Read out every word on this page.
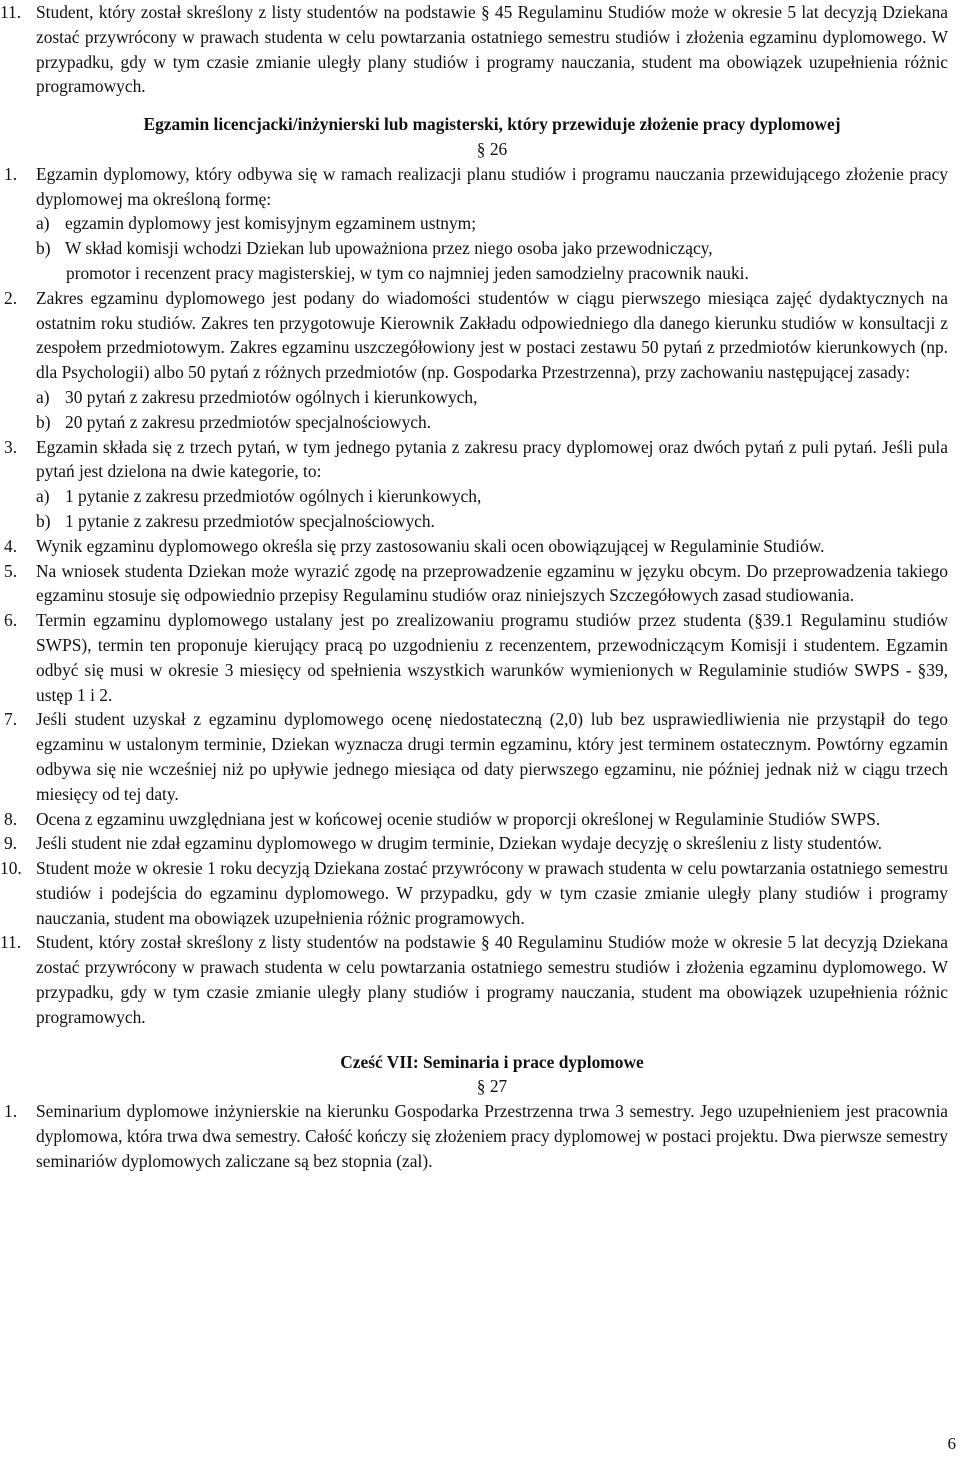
11. Student, który został skreślony z listy studentów na podstawie § 45 Regulaminu Studiów może w okresie 5 lat decyzją Dziekana zostać przywrócony w prawach studenta w celu powtarzania ostatniego semestru studiów i złożenia egzaminu dyplomowego. W przypadku, gdy w tym czasie zmianie uległy plany studiów i programy nauczania, student ma obowiązek uzupełnienia różnic programowych.
Egzamin licencjacki/inżynierski lub magisterski, który przewiduje złożenie pracy dyplomowej
§ 26
1. Egzamin dyplomowy, który odbywa się w ramach realizacji planu studiów i programu nauczania przewidującego złożenie pracy dyplomowej ma określoną formę:
a) egzamin dyplomowy jest komisyjnym egzaminem ustnym;
b) W skład komisji wchodzi Dziekan lub upoważniona przez niego osoba jako przewodniczący,
promotor i recenzent pracy magisterskiej, w tym co najmniej jeden samodzielny pracownik nauki.
2. Zakres egzaminu dyplomowego jest podany do wiadomości studentów w ciągu pierwszego miesiąca zajęć dydaktycznych na ostatnim roku studiów. Zakres ten przygotowuje Kierownik Zakładu odpowiedniego dla danego kierunku studiów w konsultacji z zespołem przedmiotowym. Zakres egzaminu uszczegółowiony jest w postaci zestawu 50 pytań z przedmiotów kierunkowych (np. dla Psychologii) albo 50 pytań z różnych przedmiotów (np. Gospodarka Przestrzenna), przy zachowaniu następującej zasady:
a) 30 pytań z zakresu przedmiotów ogólnych i kierunkowych,
b) 20 pytań z zakresu przedmiotów specjalnościowych.
3. Egzamin składa się z trzech pytań, w tym jednego pytania z zakresu pracy dyplomowej oraz dwóch pytań z puli pytań. Jeśli pula pytań jest dzielona na dwie kategorie, to:
a) 1 pytanie z zakresu przedmiotów ogólnych i kierunkowych,
b) 1 pytanie z zakresu przedmiotów specjalnościowych.
4. Wynik egzaminu dyplomowego określa się przy zastosowaniu skali ocen obowiązującej w Regulaminie Studiów.
5. Na wniosek studenta Dziekan może wyrazić zgodę na przeprowadzenie egzaminu w języku obcym. Do przeprowadzenia takiego egzaminu stosuje się odpowiednio przepisy Regulaminu studiów oraz niniejszych Szczegółowych zasad studiowania.
6. Termin egzaminu dyplomowego ustalany jest po zrealizowaniu programu studiów przez studenta (§39.1 Regulaminu studiów SWPS), termin ten proponuje kierujący pracą po uzgodnieniu z recenzentem, przewodniczącym Komisji i studentem. Egzamin odbyć się musi w okresie 3 miesięcy od spełnienia wszystkich warunków wymienionych w Regulaminie studiów SWPS - §39, ustęp 1 i 2.
7. Jeśli student uzyskał z egzaminu dyplomowego ocenę niedostateczną (2,0) lub bez usprawiedliwienia nie przystąpił do tego egzaminu w ustalonym terminie, Dziekan wyznacza drugi termin egzaminu, który jest terminem ostatecznym. Powtórny egzamin odbywa się nie wcześniej niż po upływie jednego miesiąca od daty pierwszego egzaminu, nie później jednak niż w ciągu trzech miesięcy od tej daty.
8. Ocena z egzaminu uwzględniana jest w końcowej ocenie studiów w proporcji określonej w Regulaminie Studiów SWPS.
9. Jeśli student nie zdał egzaminu dyplomowego w drugim terminie, Dziekan wydaje decyzję o skreśleniu z listy studentów.
10. Student może w okresie 1 roku decyzją Dziekana zostać przywrócony w prawach studenta w celu powtarzania ostatniego semestru studiów i podejścia do egzaminu dyplomowego. W przypadku, gdy w tym czasie zmianie uległy plany studiów i programy nauczania, student ma obowiązek uzupełnienia różnic programowych.
11. Student, który został skreślony z listy studentów na podstawie § 40 Regulaminu Studiów może w okresie 5 lat decyzją Dziekana zostać przywrócony w prawach studenta w celu powtarzania ostatniego semestru studiów i złożenia egzaminu dyplomowego. W przypadku, gdy w tym czasie zmianie uległy plany studiów i programy nauczania, student ma obowiązek uzupełnienia różnic programowych.
Cześć VII: Seminaria i prace dyplomowe
§ 27
1. Seminarium dyplomowe inżynierskie na kierunku Gospodarka Przestrzenna trwa 3 semestry. Jego uzupełnieniem jest pracownia dyplomowa, która trwa dwa semestry. Całość kończy się złożeniem pracy dyplomowej w postaci projektu. Dwa pierwsze semestry seminariów dyplomowych zaliczane są bez stopnia (zal).
6
